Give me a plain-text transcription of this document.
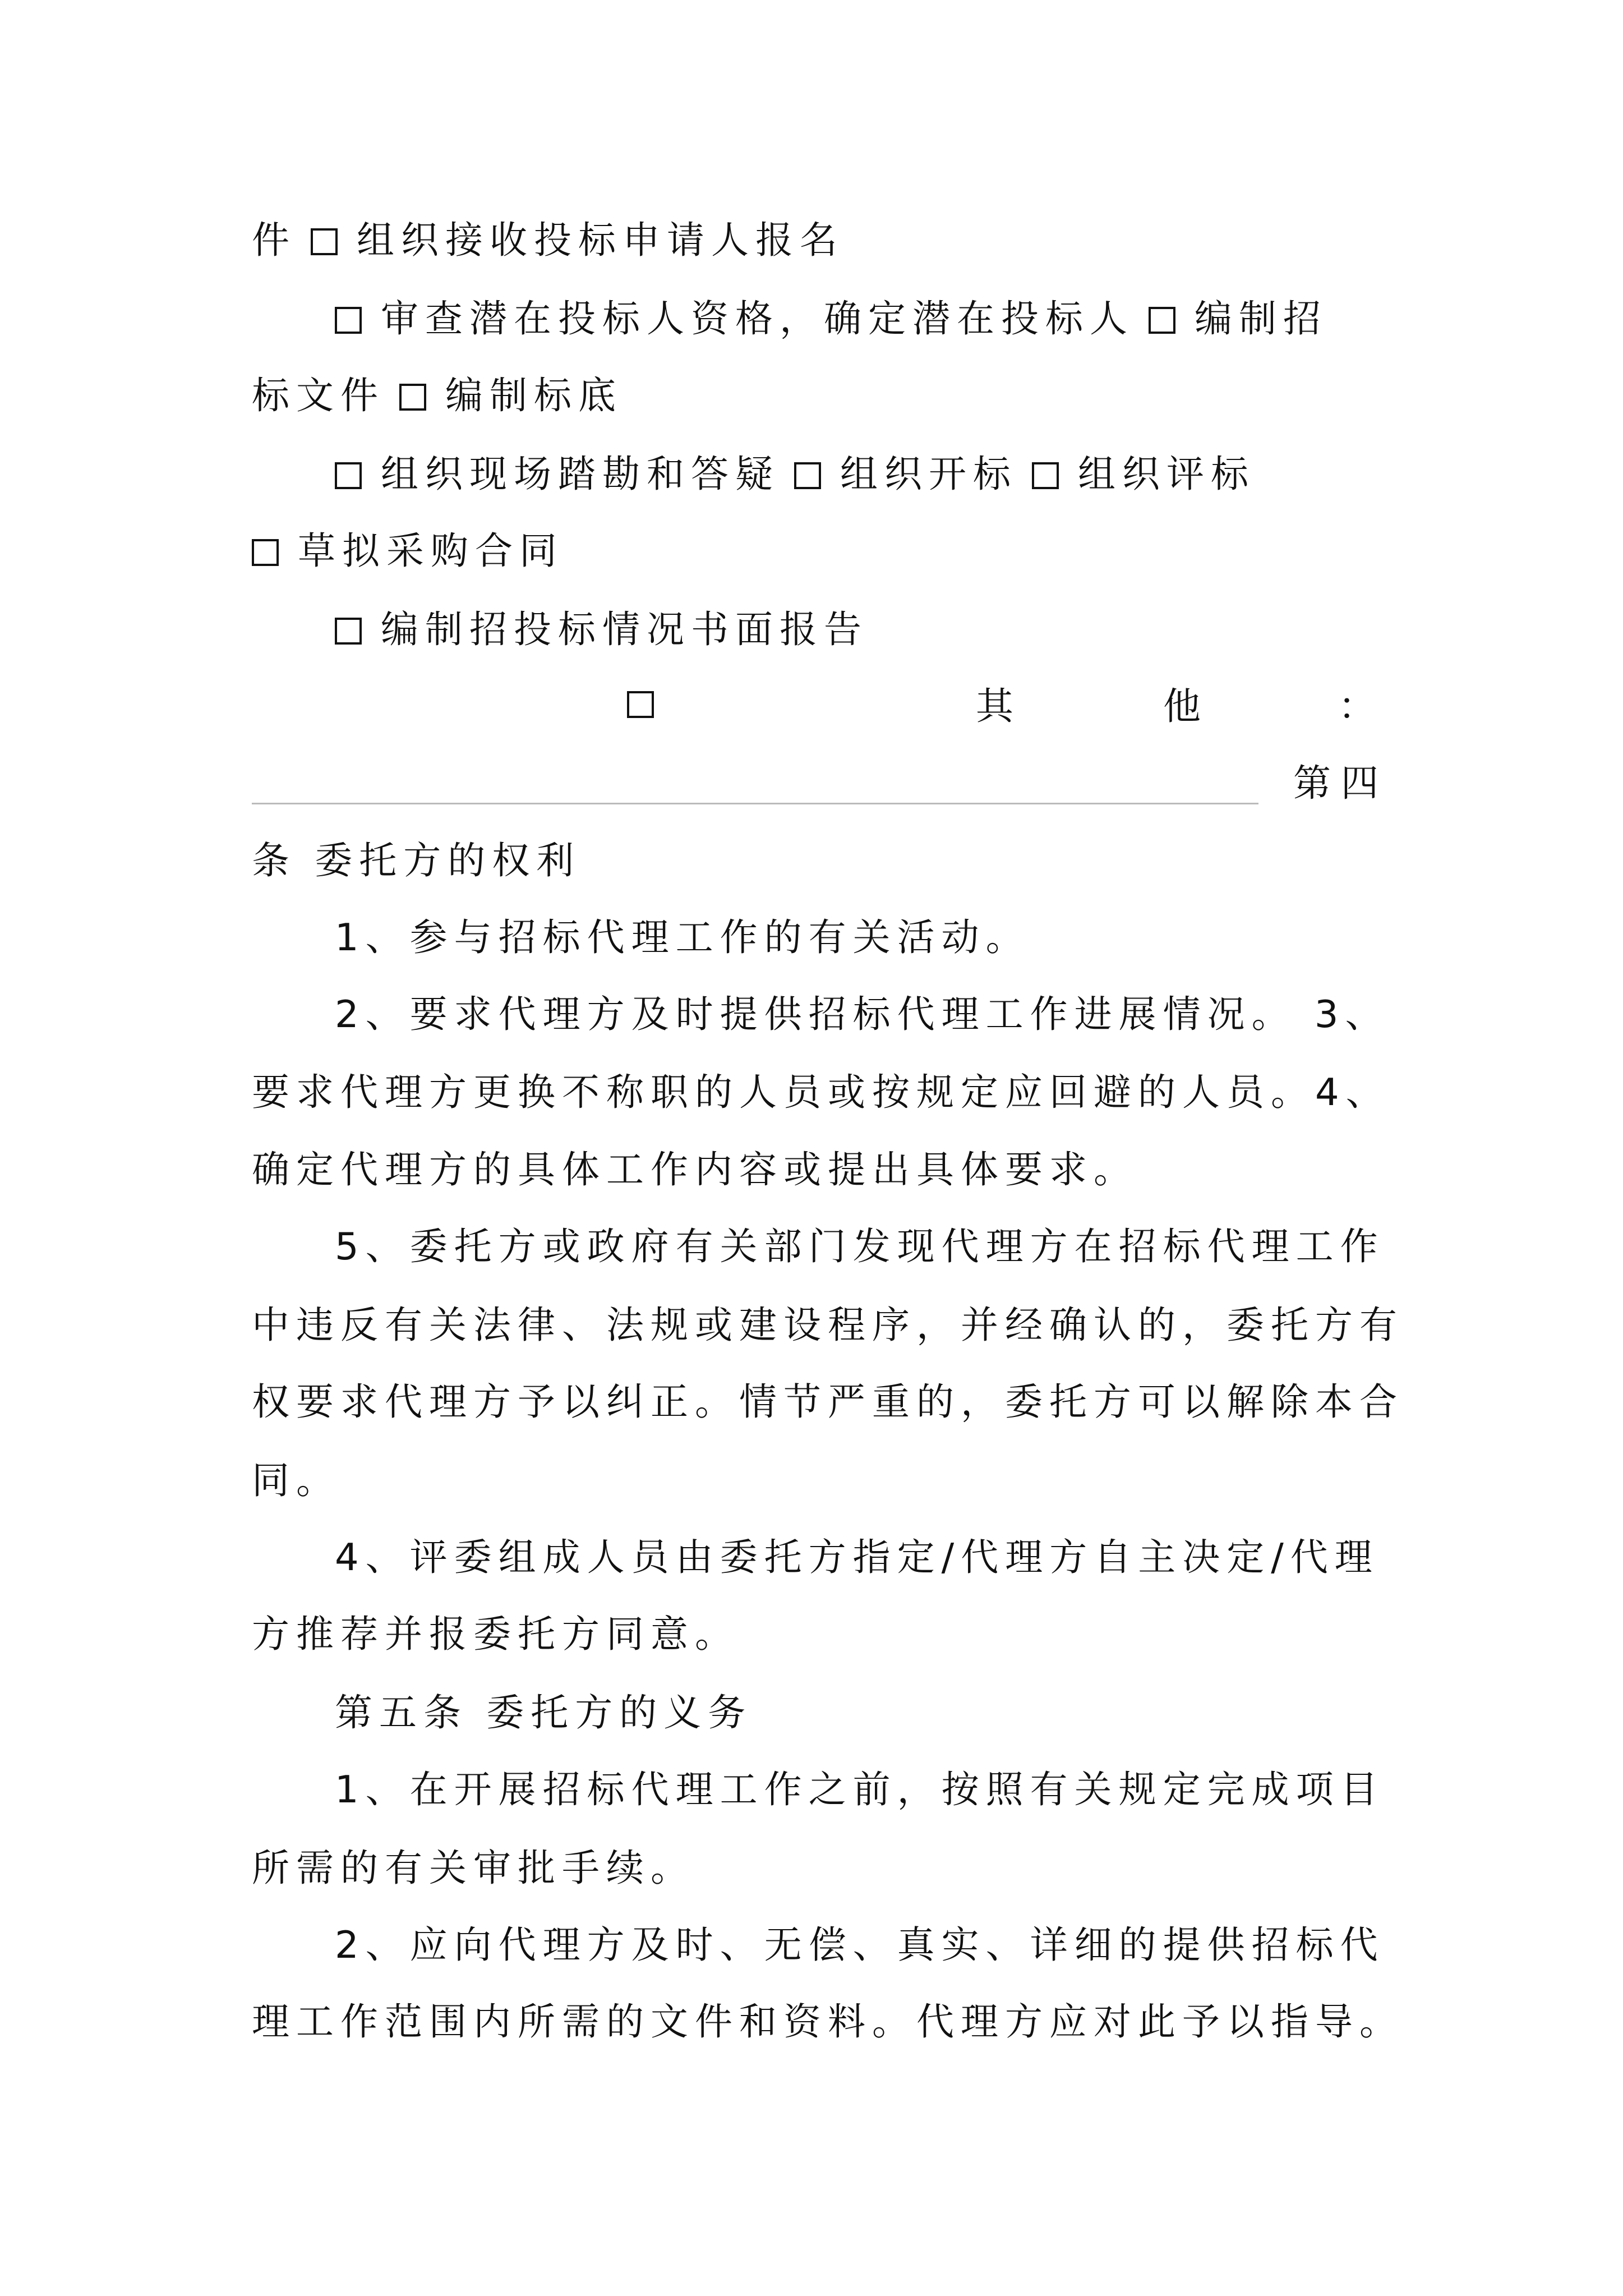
件 组织接收投标申请人报名
审查潜在投标人资格，确定潜在投标人 编制招
标文件 编制标底
组织现场踏勘和答疑 组织开标 组织评标
草拟采购合同
编制招投标情况书面报告
其	他	：
第四
条 委托方的权利
1、参与招标代理工作的有关活动。
2、要求代理方及时提供招标代理工作进展情况。 3、
要求代理方更换不称职的人员或按规定应回避的人员。4、
确定代理方的具体工作内容或提出具体要求。
5、委托方或政府有关部门发现代理方在招标代理工作
中违反有关法律、法规或建设程序，并经确认的，委托方有
权要求代理方予以纠正。情节严重的，委托方可以解除本合
同。
4、评委组成人员由委托方指定/代理方自主决定/代理
方推荐并报委托方同意。
第五条 委托方的义务
1、在开展招标代理工作之前，按照有关规定完成项目
所需的有关审批手续。
2、应向代理方及时、无偿、真实、详细的提供招标代
理工作范围内所需的文件和资料。代理方应对此予以指导。
